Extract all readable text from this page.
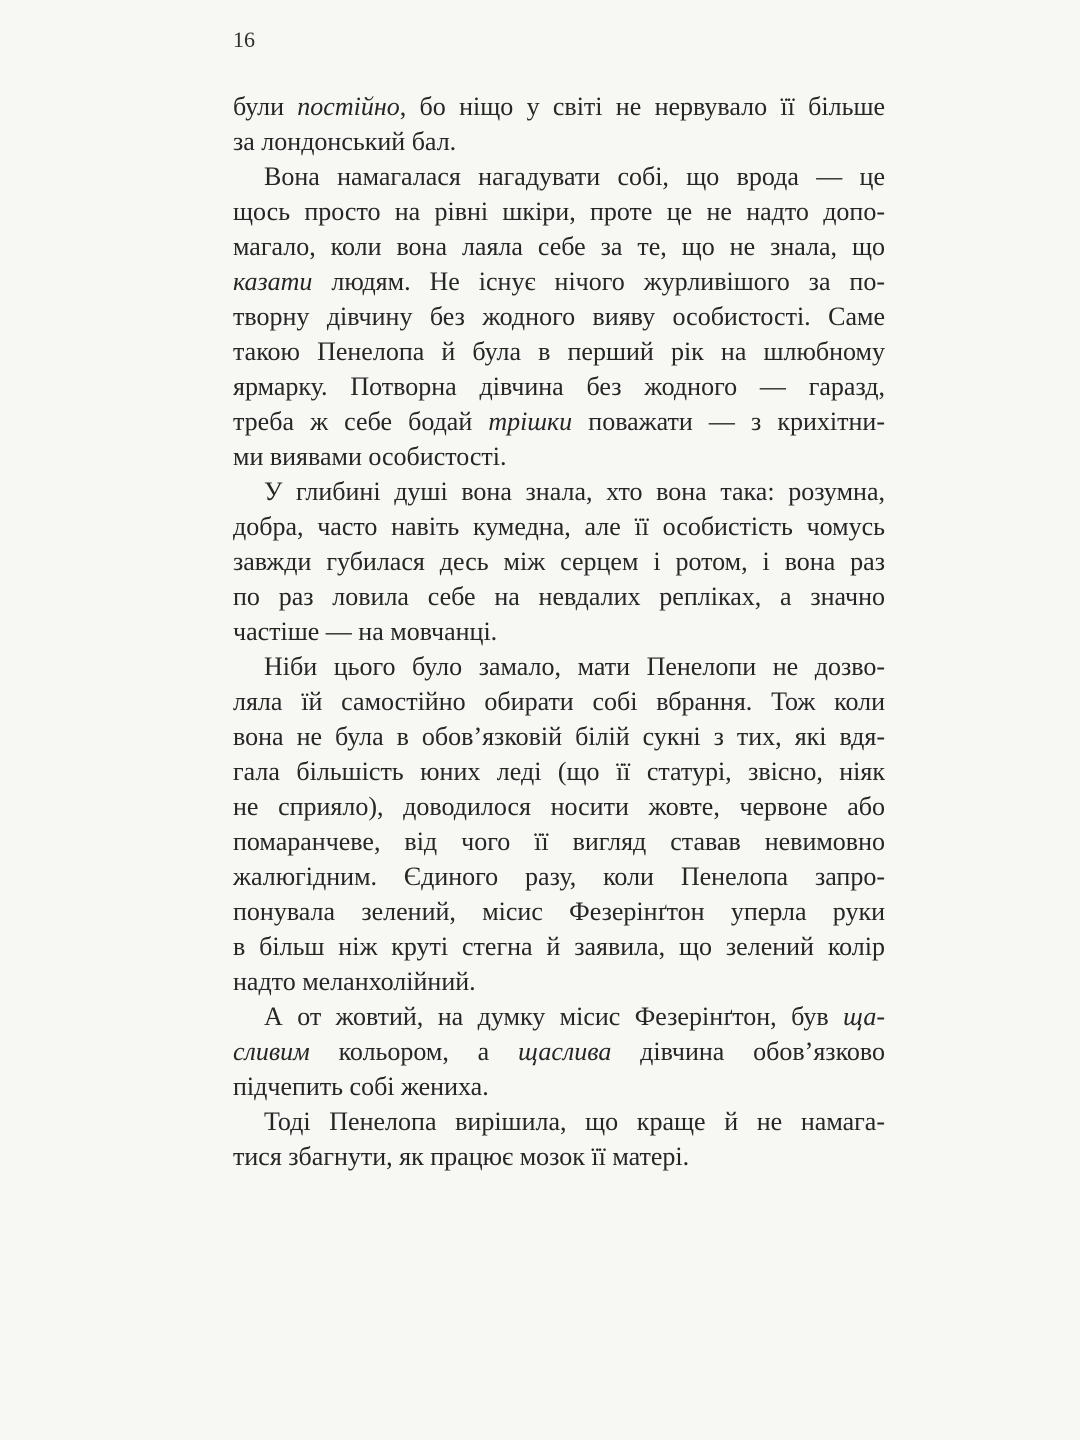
16
були постійно, бо ніщо у світі не нервувало її більше
за лондонський бал.
Вона намагалася нагадувати собі, що врода — це
щось просто на рівні шкіри, проте це не надто допо-
магало, коли вона лаяла себе за те, що не знала, що
казати людям. Не існує нічого журливішого за по-
творну дівчину без жодного вияву особистості. Саме
такою Пенелопа й була в перший рік на шлюбному
ярмарку. Потворна дівчина без жодного — гаразд,
треба ж себе бодай трішки поважати — з крихітни-
ми виявами особистості.
У глибині душі вона знала, хто вона така: розумна,
добра, часто навіть кумедна, але її особистість чомусь
завжди губилася десь між серцем і ротом, і вона раз
по раз ловила себе на невдалих репліках, а значно
частіше — на мовчанці.
Ніби цього було замало, мати Пенелопи не дозво-
ляла їй самостійно обирати собі вбрання. Тож коли
вона не була в обов’язковій білій сукні з тих, які вдя-
гала більшість юних леді (що її статурі, звісно, ніяк
не сприяло), доводилося носити жовте, червоне або
помаранчеве, від чого її вигляд ставав невимовно
жалюгідним. Єдиного разу, коли Пенелопа запро-
понувала зелений, місис Фезерінґтон уперла руки
в більш ніж круті стегна й заявила, що зелений колір
надто меланхолійний.
А от жовтий, на думку місис Фезерінґтон, був ща-
сливим кольором, а щаслива дівчина обов’язково
підчепить собі жениха.
Тоді Пенелопа вирішила, що краще й не намага-
тися збагнути, як працює мозок її матері.
